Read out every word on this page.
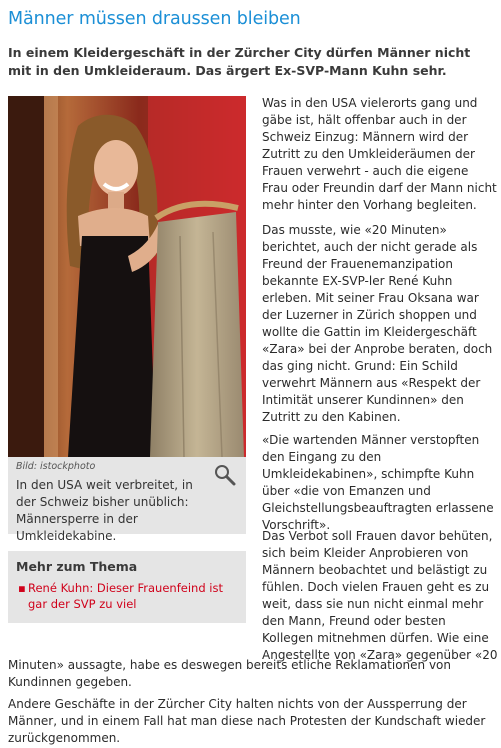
Männer müssen draussen bleiben

In einem Kleidergeschäft in der Zürcher City dürfen Männer nicht mit in den Umkleideraum. Das ärgert Ex-SVP-Mann Kuhn sehr.

Bild: istockphoto
In den USA weit verbreitet, in der Schweiz bisher unüblich: Männersperre in der Umkleidekabine.
Mehr zum Thema
▪ René Kuhn: Dieser Frauenfeind ist gar der SVP zu viel

Was in den USA vielerorts gang und gäbe ist, hält offenbar auch in der Schweiz Einzug: Männern wird der Zutritt zu den Umkleideräumen der Frauen verwehrt - auch die eigene Frau oder Freundin darf der Mann nicht mehr hinter den Vorhang begleiten.

Das musste, wie «20 Minuten» berichtet, auch der nicht gerade als Freund der Frauenemanzipation bekannte EX-SVP-ler René Kuhn erleben. Mit seiner Frau Oksana war der Luzerner in Zürich shoppen und wollte die Gattin im Kleidergeschäft «Zara» bei der Anprobe beraten, doch das ging nicht. Grund: Ein Schild verwehrt Männern aus «Respekt der Intimität unserer Kundinnen» den Zutritt zu den Kabinen.

«Die wartenden Männer verstopften den Eingang zu den Umkleidekabinen», schimpfte Kuhn über «die von Emanzen und Gleichstellungsbeauftragten erlassene Vorschrift».

Das Verbot soll Frauen davor behüten, sich beim Kleider Anprobieren von Männern beobachtet und belästigt zu fühlen. Doch vielen Frauen geht es zu weit, dass sie nun nicht einmal mehr den Mann, Freund oder besten Kollegen mitnehmen dürfen. Wie eine Angestellte von «Zara» gegenüber «20

Minuten» aussagte, habe es deswegen bereits etliche Reklamationen von Kundinnen gegeben.

Andere Geschäfte in der Zürcher City halten nichts von der Aussperrung der Männer, und in einem Fall hat man diese nach Protesten der Kundschaft wieder zurückgenommen.
